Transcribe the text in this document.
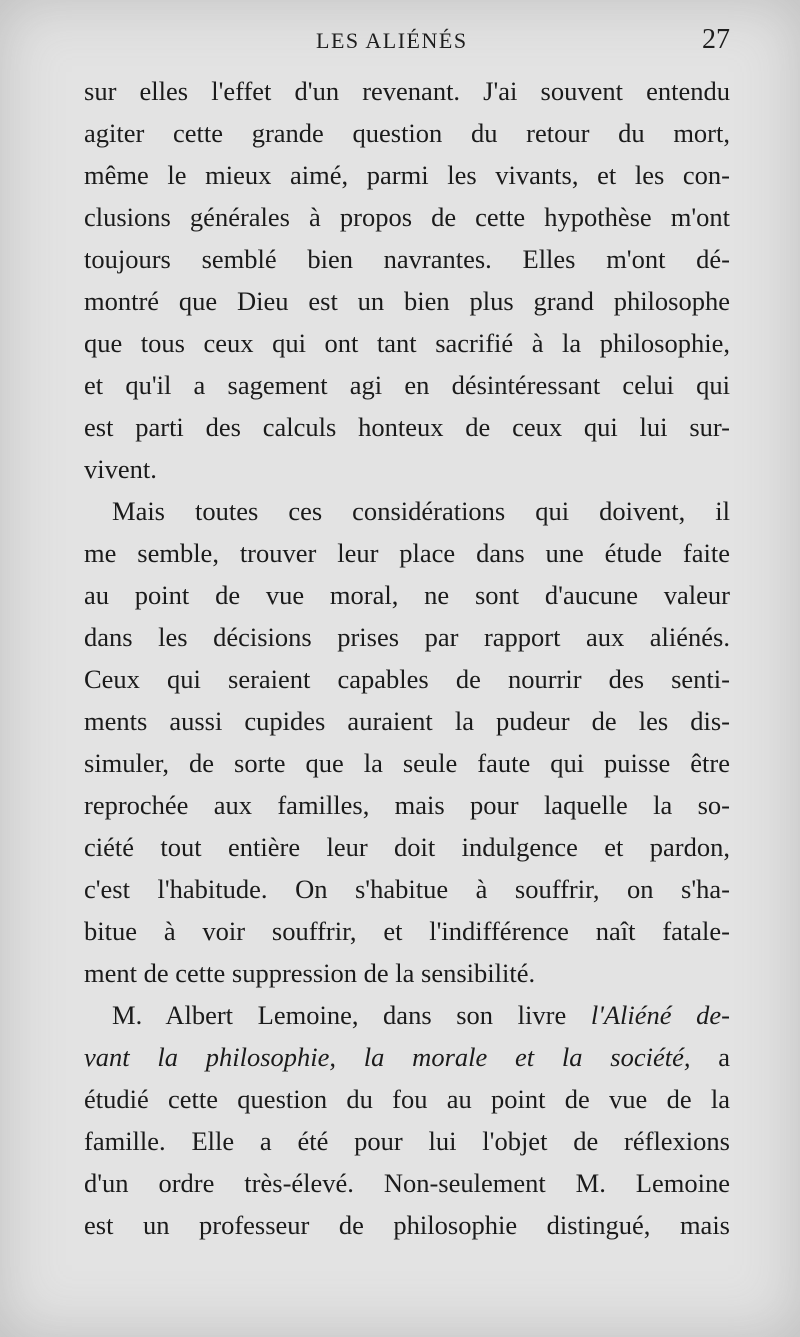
LES ALIÉNÉS	27
sur elles l'effet d'un revenant. J'ai souvent entendu
agiter cette grande question du retour du mort,
même le mieux aimé, parmi les vivants, et les con-
clusions générales à propos de cette hypothèse m'ont
toujours semblé bien navrantes. Elles m'ont dé-
montré que Dieu est un bien plus grand philosophe
que tous ceux qui ont tant sacrifié à la philosophie,
et qu'il a sagement agi en désintéressant celui qui
est parti des calculs honteux de ceux qui lui sur-
vivent.
Mais toutes ces considérations qui doivent, il
me semble, trouver leur place dans une étude faite
au point de vue moral, ne sont d'aucune valeur
dans les décisions prises par rapport aux aliénés.
Ceux qui seraient capables de nourrir des senti-
ments aussi cupides auraient la pudeur de les dis-
simuler, de sorte que la seule faute qui puisse être
reprochée aux familles, mais pour laquelle la so-
ciété tout entière leur doit indulgence et pardon,
c'est l'habitude. On s'habitue à souffrir, on s'ha-
bitue à voir souffrir, et l'indifférence naît fatale-
ment de cette suppression de la sensibilité.
M. Albert Lemoine, dans son livre l'Aliéné de-
vant la philosophie, la morale et la société, a
étudié cette question du fou au point de vue de la
famille. Elle a été pour lui l'objet de réflexions
d'un ordre très-élevé. Non-seulement M. Lemoine
est un professeur de philosophie distingué, mais
